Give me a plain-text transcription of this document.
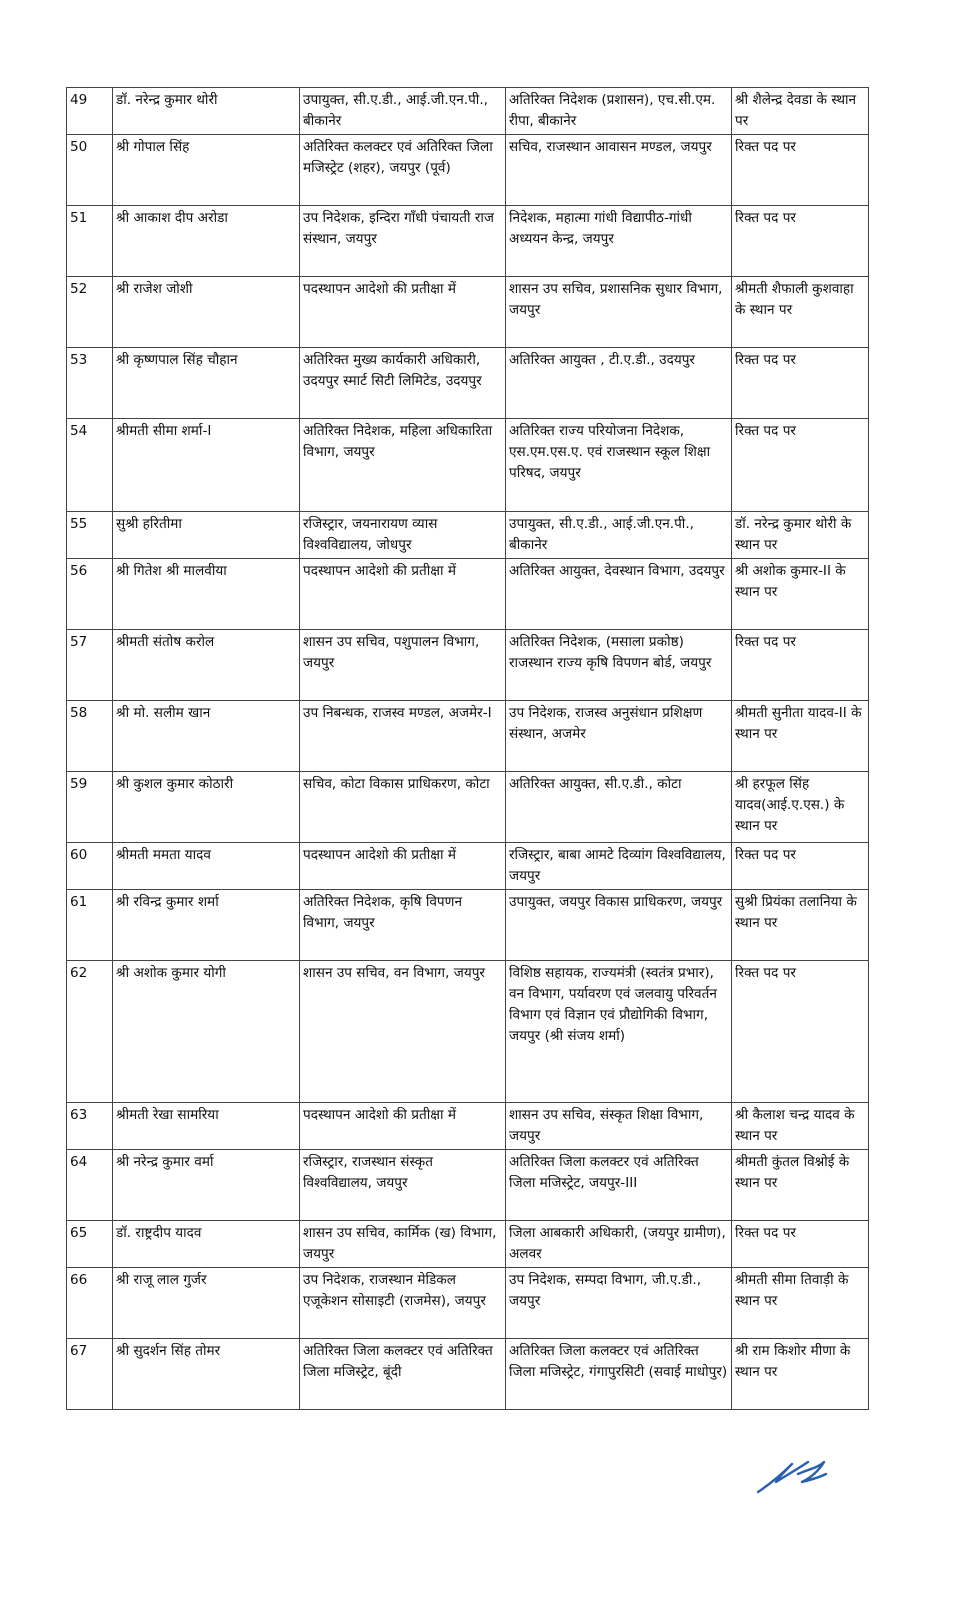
49	डॉ. नरेन्द्र कुमार थोरी	उपायुक्त, सी.ए.डी., आई.जी.एन.पी., बीकानेर	अतिरिक्त निदेशक (प्रशासन), एच.सी.एम. रीपा, बीकानेर	श्री शैलेन्द्र देवडा के स्थान पर
50	श्री गोपाल सिंह	अतिरिक्त कलक्टर एवं अतिरिक्त जिला मजिस्ट्रेट (शहर), जयपुर (पूर्व)	सचिव, राजस्थान आवासन मण्डल, जयपुर	रिक्त पद पर
51	श्री आकाश दीप अरोडा	उप निदेशक, इन्दिरा गाँधी पंचायती राज संस्थान, जयपुर	निदेशक, महात्मा गांधी विद्यापीठ-गांधी अध्ययन केन्द्र, जयपुर	रिक्त पद पर
52	श्री राजेश जोशी	पदस्थापन आदेशो की प्रतीक्षा में	शासन उप सचिव, प्रशासनिक सुधार विभाग, जयपुर	श्रीमती शैफाली कुशवाहा के स्थान पर
53	श्री कृष्णपाल सिंह चौहान	अतिरिक्त मुख्य कार्यकारी अधिकारी, उदयपुर स्मार्ट सिटी लिमिटेड, उदयपुर	अतिरिक्त आयुक्त , टी.ए.डी., उदयपुर	रिक्त पद पर
54	श्रीमती सीमा शर्मा-I	अतिरिक्त निदेशक, महिला अधिकारिता विभाग, जयपुर	अतिरिक्त राज्य परियोजना निदेशक, एस.एम.एस.ए. एवं राजस्थान स्कूल शिक्षा परिषद, जयपुर	रिक्त पद पर
55	सुश्री हरितीमा	रजिस्ट्रार, जयनारायण व्यास विश्वविद्यालय, जोधपुर	उपायुक्त, सी.ए.डी., आई.जी.एन.पी., बीकानेर	डॉ. नरेन्द्र कुमार थोरी के स्थान पर
56	श्री गितेश श्री मालवीया	पदस्थापन आदेशो की प्रतीक्षा में	अतिरिक्त आयुक्त, देवस्थान विभाग, उदयपुर	श्री अशोक कुमार-II के स्थान पर
57	श्रीमती संतोष करोल	शासन उप सचिव, पशुपालन विभाग, जयपुर	अतिरिक्त निदेशक, (मसाला प्रकोष्ठ) राजस्थान राज्य कृषि विपणन बोर्ड, जयपुर	रिक्त पद पर
58	श्री मो. सलीम खान	उप निबन्धक, राजस्व मण्डल, अजमेर-I	उप निदेशक, राजस्व अनुसंधान प्रशिक्षण संस्थान, अजमेर	श्रीमती सुनीता यादव-II के स्थान पर
59	श्री कुशल कुमार कोठारी	सचिव, कोटा विकास प्राधिकरण, कोटा	अतिरिक्त आयुक्त, सी.ए.डी., कोटा	श्री हरफूल सिंह यादव(आई.ए.एस.) के स्थान पर
60	श्रीमती ममता यादव	पदस्थापन आदेशो की प्रतीक्षा में	रजिस्ट्रार, बाबा आमटे दिव्यांग विश्वविद्यालय, जयपुर	रिक्त पद पर
61	श्री रविन्द्र कुमार शर्मा	अतिरिक्त निदेशक, कृषि विपणन विभाग, जयपुर	उपायुक्त, जयपुर विकास प्राधिकरण, जयपुर	सुश्री प्रियंका तलानिया के स्थान पर
62	श्री अशोक कुमार योगी	शासन उप सचिव, वन विभाग, जयपुर	विशिष्ठ सहायक, राज्यमंत्री (स्वतंत्र प्रभार), वन विभाग, पर्यावरण एवं जलवायु परिवर्तन विभाग एवं विज्ञान एवं प्रौद्योगिकी विभाग, जयपुर (श्री संजय शर्मा)	रिक्त पद पर
63	श्रीमती रेखा सामरिया	पदस्थापन आदेशो की प्रतीक्षा में	शासन उप सचिव, संस्कृत शिक्षा विभाग, जयपुर	श्री कैलाश चन्द्र यादव के स्थान पर
64	श्री नरेन्द्र कुमार वर्मा	रजिस्ट्रार, राजस्थान संस्कृत विश्वविद्यालय, जयपुर	अतिरिक्त जिला कलक्टर एवं अतिरिक्त जिला मजिस्ट्रेट, जयपुर-III	श्रीमती कुंतल विश्नोई के स्थान पर
65	डॉ. राष्ट्रदीप यादव	शासन उप सचिव, कार्मिक (ख) विभाग, जयपुर	जिला आबकारी अधिकारी, (जयपुर ग्रामीण), अलवर	रिक्त पद पर
66	श्री राजू लाल गुर्जर	उप निदेशक, राजस्थान मेडिकल एजूकेशन सोसाइटी (राजमेस), जयपुर	उप निदेशक, सम्पदा विभाग, जी.ए.डी., जयपुर	श्रीमती सीमा तिवाड़ी के स्थान पर
67	श्री सुदर्शन सिंह तोमर	अतिरिक्त जिला कलक्टर एवं अतिरिक्त जिला मजिस्ट्रेट, बूंदी	अतिरिक्त जिला कलक्टर एवं अतिरिक्त जिला मजिस्ट्रेट, गंगापुरसिटी (सवाई माधोपुर)	श्री राम किशोर मीणा के स्थान पर
